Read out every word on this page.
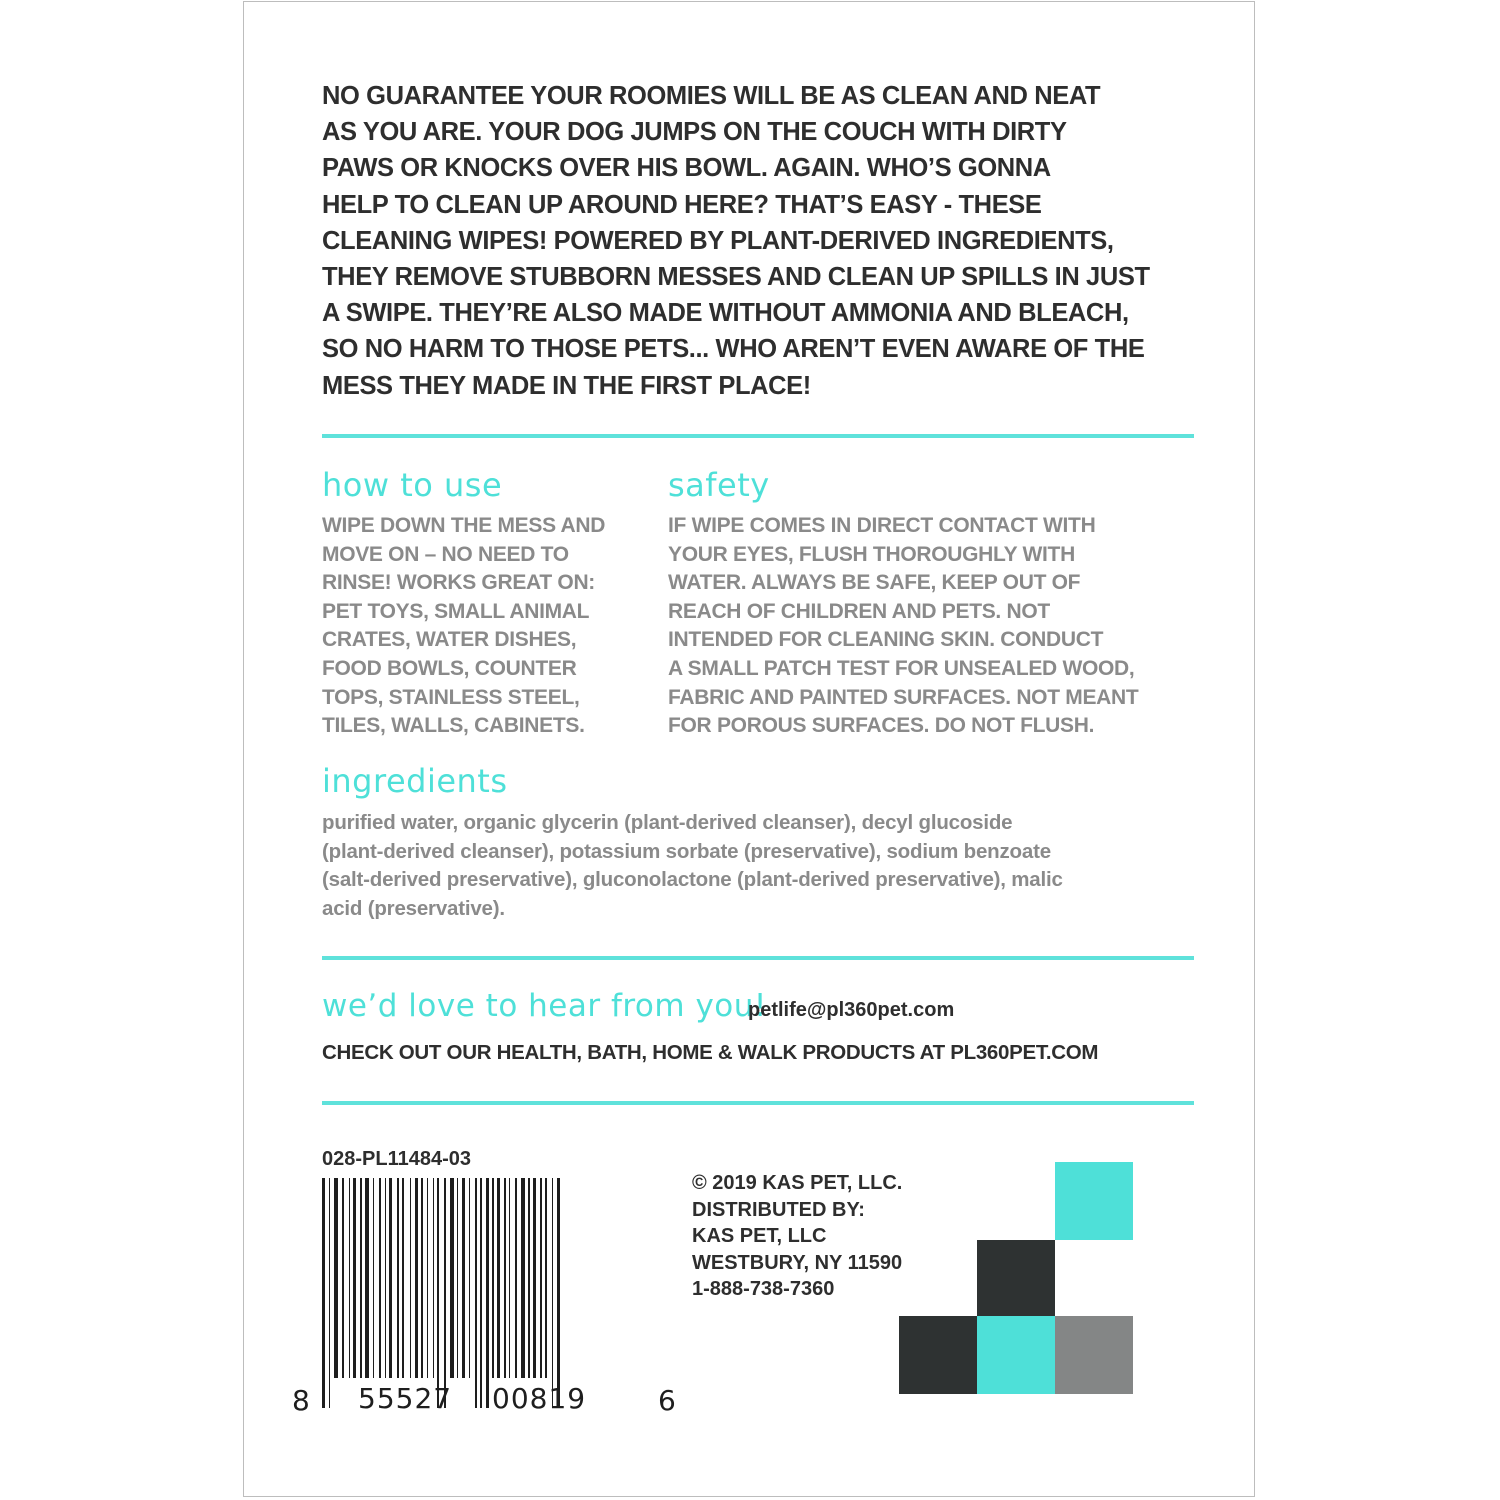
NO GUARANTEE YOUR ROOMIES WILL BE AS CLEAN AND NEAT
AS YOU ARE. YOUR DOG JUMPS ON THE COUCH WITH DIRTY
PAWS OR KNOCKS OVER HIS BOWL. AGAIN. WHO’S GONNA
HELP TO CLEAN UP AROUND HERE? THAT’S EASY - THESE
CLEANING WIPES! POWERED BY PLANT-DERIVED INGREDIENTS,
THEY REMOVE STUBBORN MESSES AND CLEAN UP SPILLS IN JUST
A SWIPE. THEY’RE ALSO MADE WITHOUT AMMONIA AND BLEACH,
SO NO HARM TO THOSE PETS... WHO AREN’T EVEN AWARE OF THE
MESS THEY MADE IN THE FIRST PLACE!
how to use
WIPE DOWN THE MESS AND
MOVE ON – NO NEED TO
RINSE! WORKS GREAT ON:
PET TOYS, SMALL ANIMAL
CRATES, WATER DISHES,
FOOD BOWLS, COUNTER
TOPS, STAINLESS STEEL,
TILES, WALLS, CABINETS.
safety
IF WIPE COMES IN DIRECT CONTACT WITH
YOUR EYES, FLUSH THOROUGHLY WITH
WATER. ALWAYS BE SAFE, KEEP OUT OF
REACH OF CHILDREN AND PETS. NOT
INTENDED FOR CLEANING SKIN. CONDUCT
A SMALL PATCH TEST FOR UNSEALED WOOD,
FABRIC AND PAINTED SURFACES. NOT MEANT
FOR POROUS SURFACES. DO NOT FLUSH.
ingredients
purified water, organic glycerin (plant-derived cleanser), decyl glucoside
(plant-derived cleanser), potassium sorbate (preservative), sodium benzoate
(salt-derived preservative), gluconolactone (plant-derived preservative), malic
acid (preservative).
we’d love to hear from you!
petlife@pl360pet.com
CHECK OUT OUR HEALTH, BATH, HOME & WALK PRODUCTS AT PL360PET.COM
028-PL11484-03
8 55527 00819	6
© 2019 KAS PET, LLC.
DISTRIBUTED BY:
KAS PET, LLC
WESTBURY, NY 11590
1-888-738-7360
